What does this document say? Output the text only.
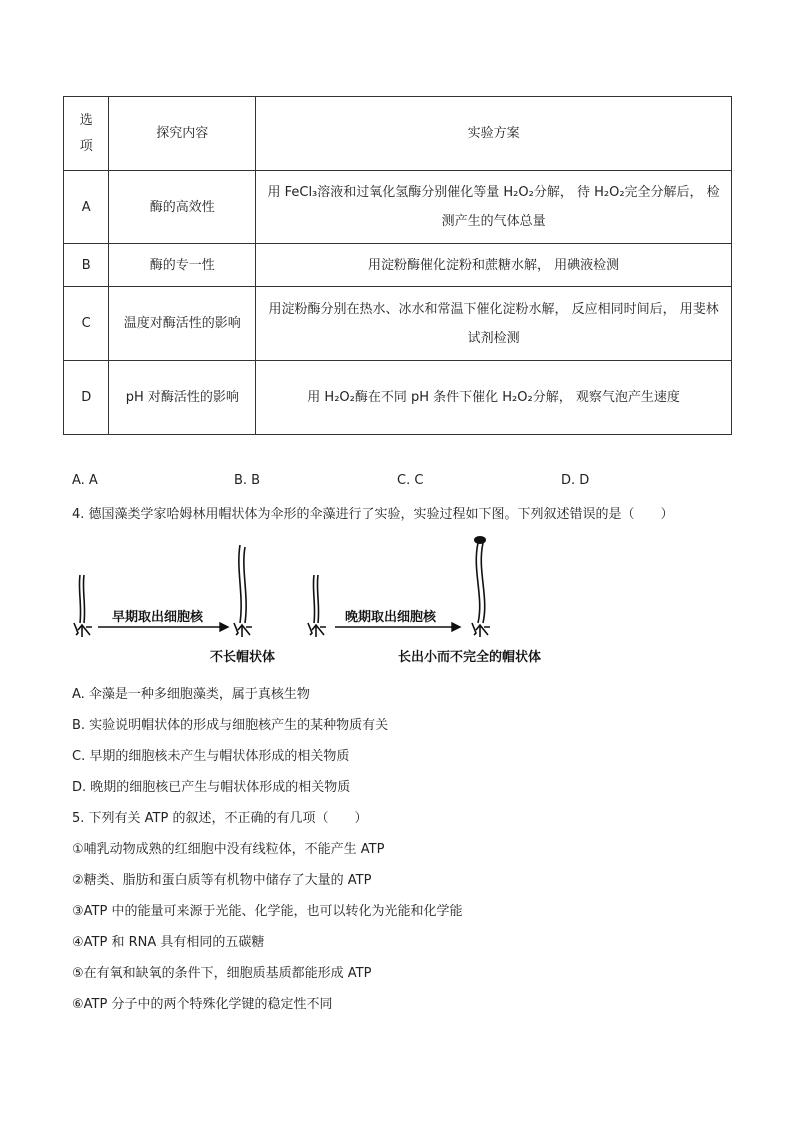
选
项	探究内容	实验方案
A	酶的高效性	用 FeCl₃溶液和过氧化氢酶分别催化等量 H₂O₂分解， 待 H₂O₂完全分解后， 检测产生的气体总量
B	酶的专一性	用淀粉酶催化淀粉和蔗糖水解， 用碘液检测
C	温度对酶活性的影响	用淀粉酶分别在热水、冰水和常温下催化淀粉水解， 反应相同时间后， 用斐林试剂检测
D	pH 对酶活性的影响	用 H₂O₂酶在不同 pH 条件下催化 H₂O₂分解， 观察气泡产生速度
A. A	B. B	C. C	D. D
4. 德国藻类学家哈姆林用帽状体为伞形的伞藻进行了实验，实验过程如下图。下列叙述错误的是（　　）
早期取出细胞核	晚期取出细胞核
不长帽状体	长出小而不完全的帽状体
A. 伞藻是一种多细胞藻类，属于真核生物
B. 实验说明帽状体的形成与细胞核产生的某种物质有关
C. 早期的细胞核未产生与帽状体形成的相关物质
D. 晚期的细胞核已产生与帽状体形成的相关物质
5. 下列有关 ATP 的叙述，不正确的有几项（　　）
①哺乳动物成熟的红细胞中没有线粒体，不能产生 ATP
②糖类、脂肪和蛋白质等有机物中储存了大量的 ATP
③ATP 中的能量可来源于光能、化学能，也可以转化为光能和化学能
④ATP 和 RNA 具有相同的五碳糖
⑤在有氧和缺氧的条件下，细胞质基质都能形成 ATP
⑥ATP 分子中的两个特殊化学键的稳定性不同
